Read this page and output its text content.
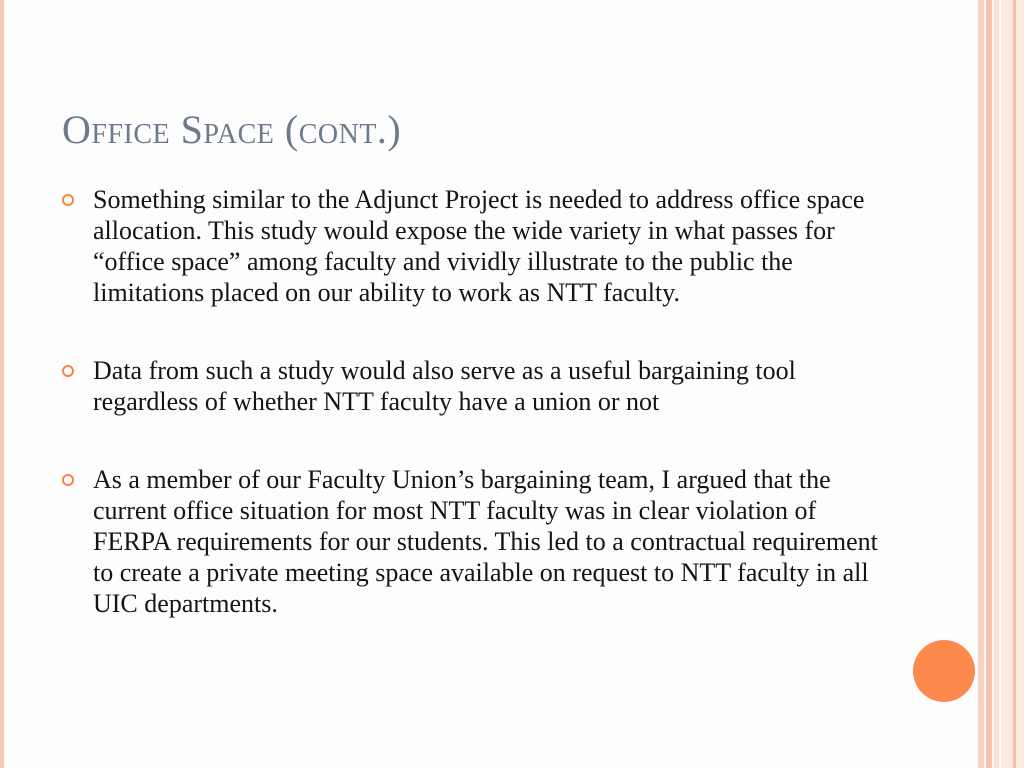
Office Space (cont.)
Something similar to the Adjunct Project is needed to address office space allocation. This study would expose the wide variety in what passes for “office space” among faculty and vividly illustrate to the public the limitations placed on our ability to work as NTT faculty.
Data from such a study would also serve as a useful bargaining tool regardless of whether NTT faculty have a union or not
As a member of our Faculty Union’s bargaining team, I argued that the current office situation for most NTT faculty was in clear violation of FERPA requirements for our students. This led to a contractual requirement to create a private meeting space available on request to NTT faculty in all UIC departments.
